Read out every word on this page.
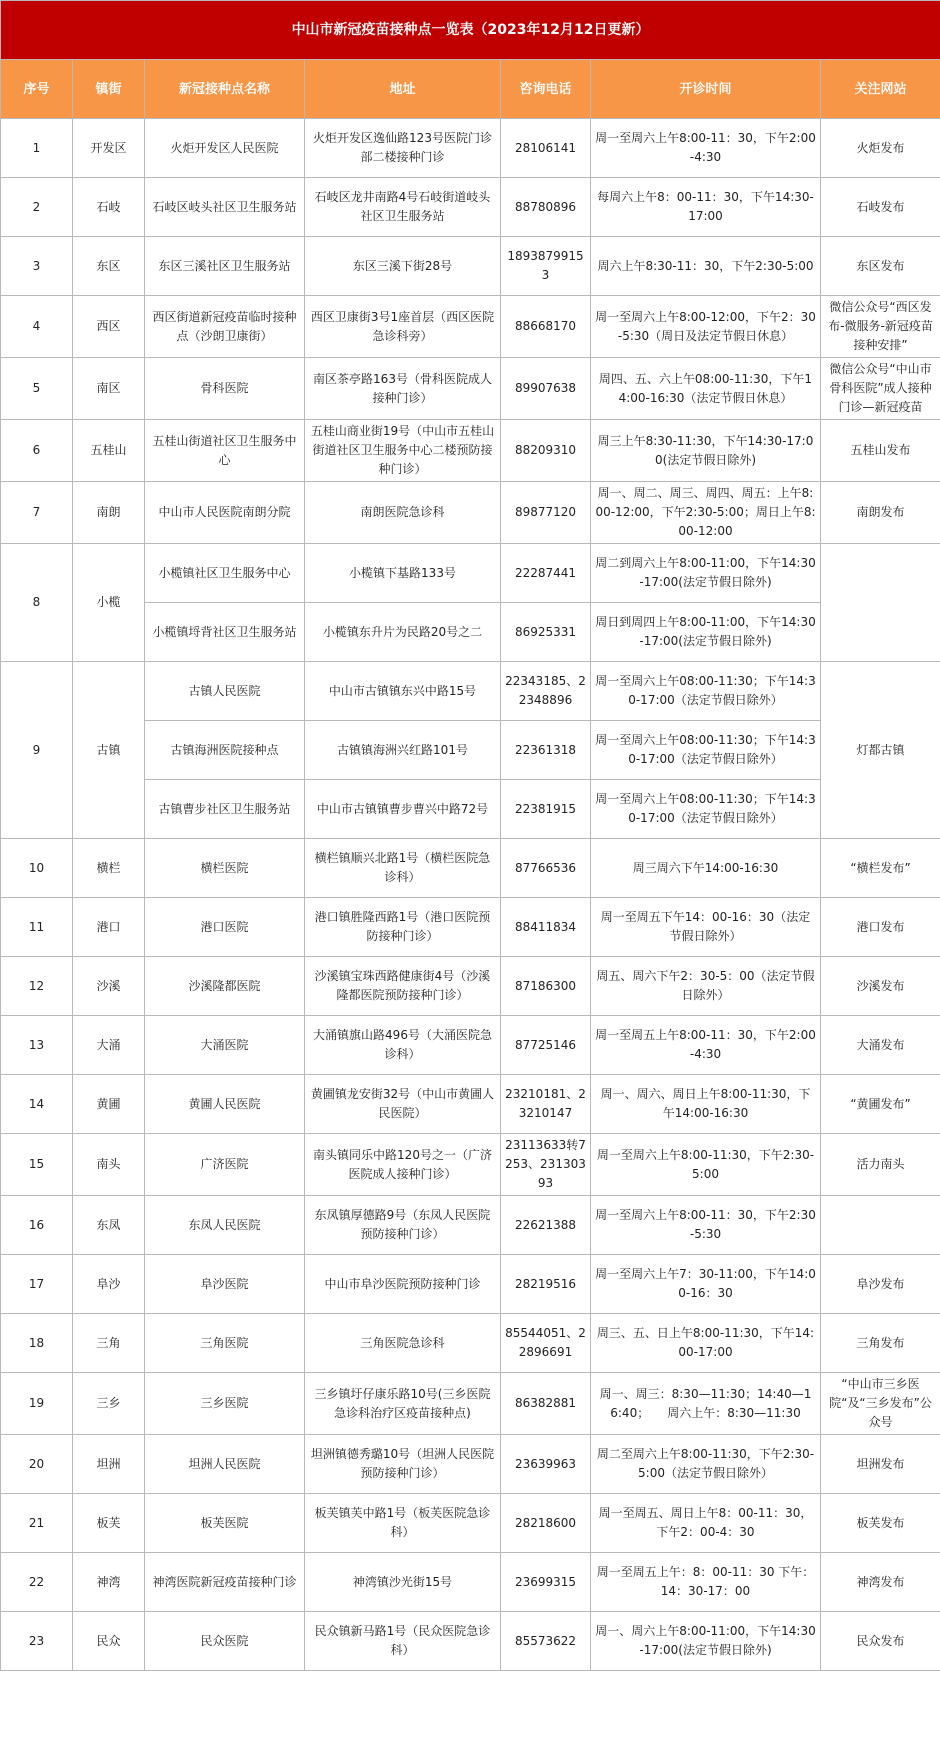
中山市新冠疫苗接种点一览表（2023年12月12日更新）						
序号	镇街	新冠接种点名称	地址	咨询电话	开诊时间	关注网站
1	开发区	火炬开发区人民医院	火炬开发区逸仙路123号医院门诊部二楼接种门诊	28106141	周一至周六上午8:00-11：30，下午2:00-4:30	火炬发布
2	石岐	石岐区岐头社区卫生服务站	石岐区龙井南路4号石岐街道岐头社区卫生服务站	88780896	每周六上午8：00-11：30，下午14:30-17:00	石岐发布
3	东区	东区三溪社区卫生服务站	东区三溪下街28号	18938799153	周六上午8:30-11：30，下午2:30-5:00	东区发布
4	西区	西区街道新冠疫苗临时接种点（沙朗卫康街）	西区卫康街3号1座首层（西区医院急诊科旁）	88668170	周一至周六上午8:00-12:00，下午2：30-5:30（周日及法定节假日休息）	微信公众号“西区发布-微服务-新冠疫苗接种安排”
5	南区	骨科医院	南区茶亭路163号（骨科医院成人接种门诊）	89907638	周四、五、六上午08:00-11:30，下午14:00-16:30（法定节假日休息）	微信公众号“中山市骨科医院”成人接种门诊—新冠疫苗
6	五桂山	五桂山街道社区卫生服务中心	五桂山商业街19号（中山市五桂山街道社区卫生服务中心二楼预防接种门诊）	88209310	周三上午8:30-11:30，下午14:30-17:00(法定节假日除外)	五桂山发布
7	南朗	中山市人民医院南朗分院	南朗医院急诊科	89877120	周一、周二、周三、周四、周五：上午8:00-12:00，下午2:30-5:00；周日上午8:00-12:00	南朗发布
8	小榄	小榄镇社区卫生服务中心	小榄镇下基路133号	22287441	周二到周六上午8:00-11:00，下午14:30-17:00(法定节假日除外)	
		小榄镇埒背社区卫生服务站	小榄镇东升片为民路20号之二	86925331	周日到周四上午8:00-11:00，下午14:30-17:00(法定节假日除外)	
9	古镇	古镇人民医院	中山市古镇镇东兴中路15号	22343185、22348896	周一至周六上午08:00-11:30；下午14:30-17:00（法定节假日除外）	灯都古镇
		古镇海洲医院接种点	古镇镇海洲兴红路101号	22361318	周一至周六上午08:00-11:30；下午14:30-17:00（法定节假日除外）	
		古镇曹步社区卫生服务站	中山市古镇镇曹步曹兴中路72号	22381915	周一至周六上午08:00-11:30；下午14:30-17:00（法定节假日除外）	
10	横栏	横栏医院	横栏镇顺兴北路1号（横栏医院急诊科）	87766536	周三周六下午14:00-16:30	“横栏发布”
11	港口	港口医院	港口镇胜隆西路1号（港口医院预防接种门诊）	88411834	周一至周五下午14：00-16：30（法定节假日除外）	港口发布
12	沙溪	沙溪隆都医院	沙溪镇宝珠西路健康街4号（沙溪隆都医院预防接种门诊）	87186300	周五、周六下午2：30-5：00（法定节假日除外）	沙溪发布
13	大涌	大涌医院	大涌镇旗山路496号（大涌医院急诊科）	87725146	周一至周五上午8:00-11：30，下午2:00-4:30	大涌发布
14	黄圃	黄圃人民医院	黄圃镇龙安街32号（中山市黄圃人民医院）	23210181、23210147	周一、周六、周日上午8:00-11:30，下午14:00-16:30	“黄圃发布”
15	南头	广济医院	南头镇同乐中路120号之一（广济医院成人接种门诊）	23113633转7253、23130393	周一至周六上午8:00-11:30，下午2:30-5:00	活力南头
16	东凤	东凤人民医院	东凤镇厚德路9号（东凤人民医院预防接种门诊）	22621388	周一至周六上午8:00-11：30，下午2:30-5:30	
17	阜沙	阜沙医院	中山市阜沙医院预防接种门诊	28219516	周一至周六上午7：30-11:00，下午14:00-16：30	阜沙发布
18	三角	三角医院	三角医院急诊科	85544051、22896691	周三、五、日上午8:00-11:30，下午14:00-17:00	三角发布
19	三乡	三乡医院	三乡镇圩仔康乐路10号(三乡医院急诊科治疗区疫苗接种点)	86382881	周一、周三：8:30—11:30；14:40—16:40；　　周六上午：8:30—11:30	“中山市三乡医院“及“三乡发布”公众号
20	坦洲	坦洲人民医院	坦洲镇德秀璐10号（坦洲人民医院预防接种门诊）	23639963	周二至周六上午8:00-11:30，下午2:30-5:00（法定节假日除外）	坦洲发布
21	板芙	板芙医院	板芙镇芙中路1号（板芙医院急诊科）	28218600	周一至周五、周日上午8：00-11：30，下午2：00-4：30	板芙发布
22	神湾	神湾医院新冠疫苗接种门诊	神湾镇沙光街15号	23699315	周一至周五上午：8：00-11：30 下午：14：30-17：00	神湾发布
23	民众	民众医院	民众镇新马路1号（民众医院急诊科）	85573622	周一、周六上午8:00-11:00，下午14:30-17:00(法定节假日除外)	民众发布
